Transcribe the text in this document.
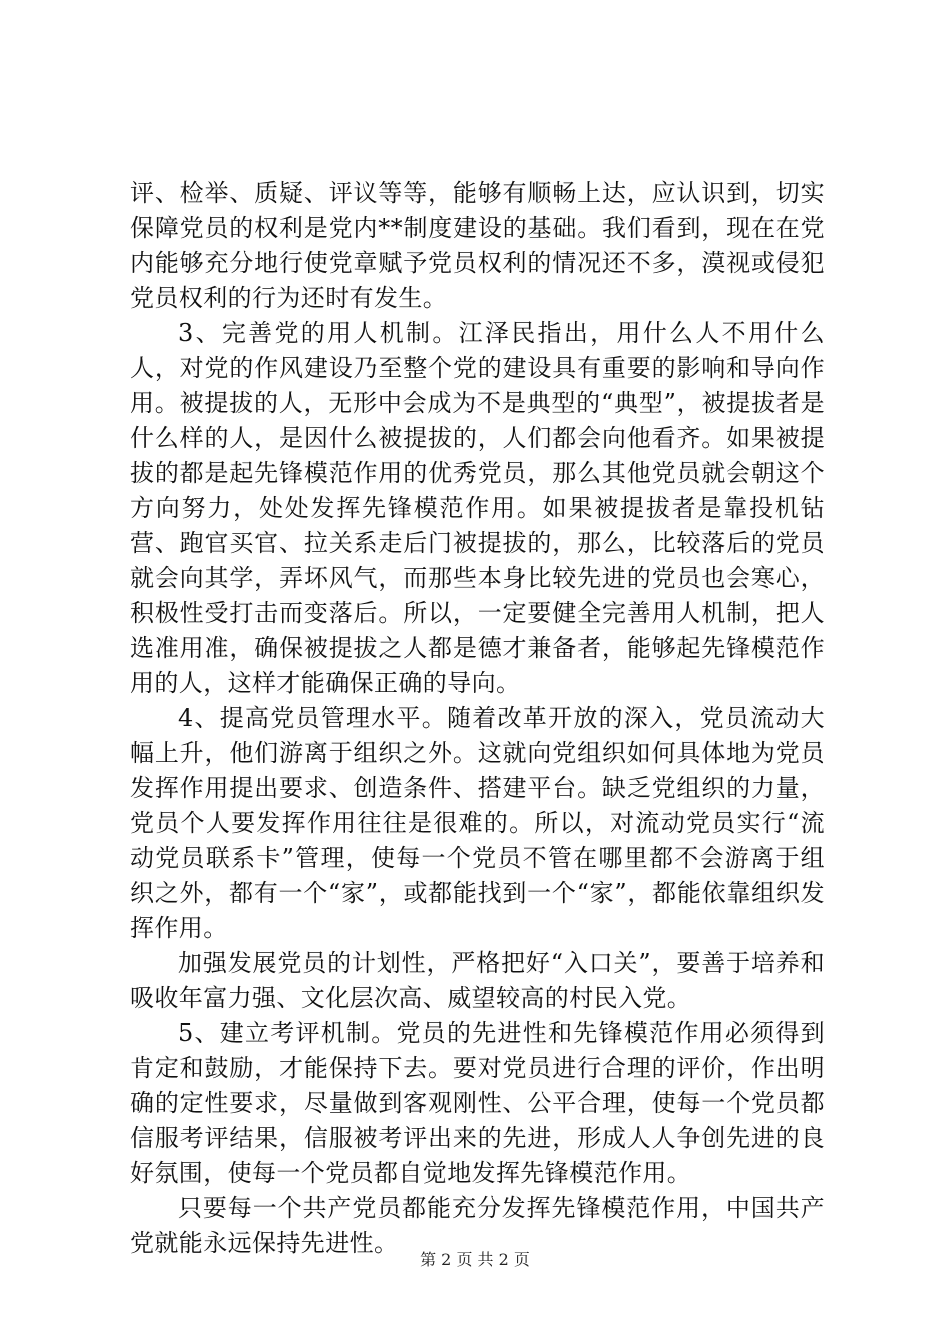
评、检举、质疑、评议等等，能够有顺畅上达，应认识到，切实保障党员的权利是党内**制度建设的基础。我们看到，现在在党内能够充分地行使党章赋予党员权利的情况还不多，漠视或侵犯党员权利的行为还时有发生。

3、完善党的用人机制。江泽民指出，用什么人不用什么人，对党的作风建设乃至整个党的建设具有重要的影响和导向作用。被提拔的人，无形中会成为不是典型的“典型”，被提拔者是什么样的人，是因什么被提拔的，人们都会向他看齐。如果被提拔的都是起先锋模范作用的优秀党员，那么其他党员就会朝这个方向努力，处处发挥先锋模范作用。如果被提拔者是靠投机钻营、跑官买官、拉关系走后门被提拔的，那么，比较落后的党员就会向其学，弄坏风气，而那些本身比较先进的党员也会寒心，积极性受打击而变落后。所以，一定要健全完善用人机制，把人选准用准，确保被提拔之人都是德才兼备者，能够起先锋模范作用的人，这样才能确保正确的导向。

4、提高党员管理水平。随着改革开放的深入，党员流动大幅上升，他们游离于组织之外。这就向党组织如何具体地为党员发挥作用提出要求、创造条件、搭建平台。缺乏党组织的力量，党员个人要发挥作用往往是很难的。所以，对流动党员实行“流动党员联系卡”管理，使每一个党员不管在哪里都不会游离于组织之外，都有一个“家”，或都能找到一个“家”，都能依靠组织发挥作用。

加强发展党员的计划性，严格把好“入口关”，要善于培养和吸收年富力强、文化层次高、威望较高的村民入党。

5、建立考评机制。党员的先进性和先锋模范作用必须得到肯定和鼓励，才能保持下去。要对党员进行合理的评价，作出明确的定性要求，尽量做到客观刚性、公平合理，使每一个党员都信服考评结果，信服被考评出来的先进，形成人人争创先进的良好氛围，使每一个党员都自觉地发挥先锋模范作用。

只要每一个共产党员都能充分发挥先锋模范作用，中国共产党就能永远保持先进性。

第 2 页 共 2 页
